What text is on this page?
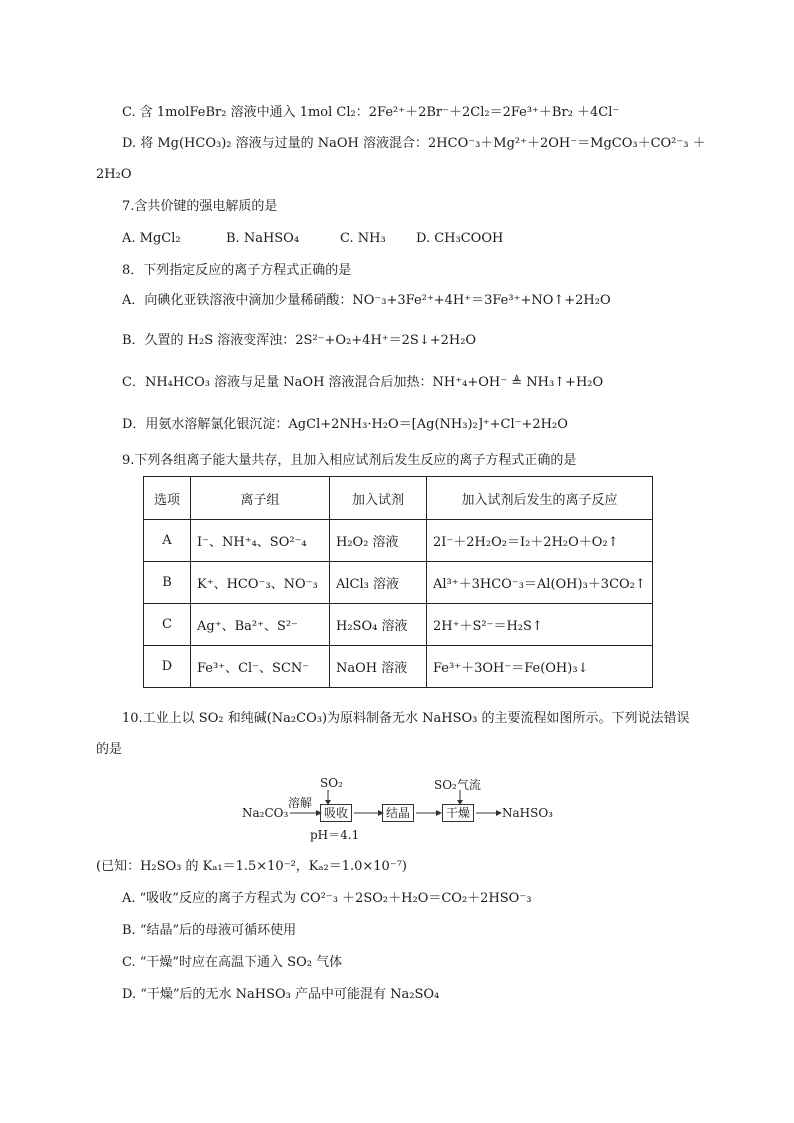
C. 含 1molFeBr₂ 溶液中通入 1mol Cl₂：2Fe²⁺＋2Br⁻＋2Cl₂＝2Fe³⁺＋Br₂ ＋4Cl⁻
D. 将 Mg(HCO₃)₂ 溶液与过量的 NaOH 溶液混合：2HCO⁻₃＋Mg²⁺＋2OH⁻＝MgCO₃＋CO²⁻₃ ＋
2H₂O
7.含共价键的强电解质的是
A. MgCl₂	B. NaHSO₄	C. NH₃ D. CH₃COOH
8．下列指定反应的离子方程式正确的是
A．向碘化亚铁溶液中滴加少量稀硝酸：NO⁻₃+3Fe²⁺+4H⁺＝3Fe³⁺+NO↑+2H₂O
B．久置的 H₂S 溶液变浑浊：2S²⁻+O₂+4H⁺＝2S↓+2H₂O
C．NH₄HCO₃ 溶液与足量 NaOH 溶液混合后加热：NH⁺₄+OH⁻ ≜ NH₃↑+H₂O
D．用氨水溶解氯化银沉淀：AgCl+2NH₃·H₂O＝[Ag(NH₃)₂]⁺+Cl⁻+2H₂O
9.下列各组离子能大量共存，且加入相应试剂后发生反应的离子方程式正确的是
选项	离子组	加入试剂	加入试剂后发生的离子反应
A	I⁻、NH⁺₄、SO²⁻₄	H₂O₂ 溶液	2I⁻＋2H₂O₂＝I₂＋2H₂O＋O₂↑
B	K⁺、HCO⁻₃、NO⁻₃	AlCl₃ 溶液	Al³⁺＋3HCO⁻₃＝Al(OH)₃＋3CO₂↑
C	Ag⁺、Ba²⁺、S²⁻	H₂SO₄ 溶液	2H⁺＋S²⁻＝H₂S↑
D	Fe³⁺、Cl⁻、SCN⁻	NaOH 溶液	Fe³⁺＋3OH⁻＝Fe(OH)₃↓
10.工业上以 SO₂ 和纯碱(Na₂CO₃)为原料制备无水 NaHSO₃ 的主要流程如图所示。下列说法错误
的是
Na₂CO₃
溶解
SO₂
吸收
pH＝4.1
结晶
SO₂气流
干燥	NaHSO₃
(已知：H₂SO₃ 的 Kₐ₁＝1.5×10⁻²，Kₐ₂＝1.0×10⁻⁷)
A. “吸收”反应的离子方程式为 CO²⁻₃ ＋2SO₂＋H₂O＝CO₂＋2HSO⁻₃
B. “结晶”后的母液可循环使用
C. “干燥”时应在高温下通入 SO₂ 气体
D. “干燥”后的无水 NaHSO₃ 产品中可能混有 Na₂SO₄
